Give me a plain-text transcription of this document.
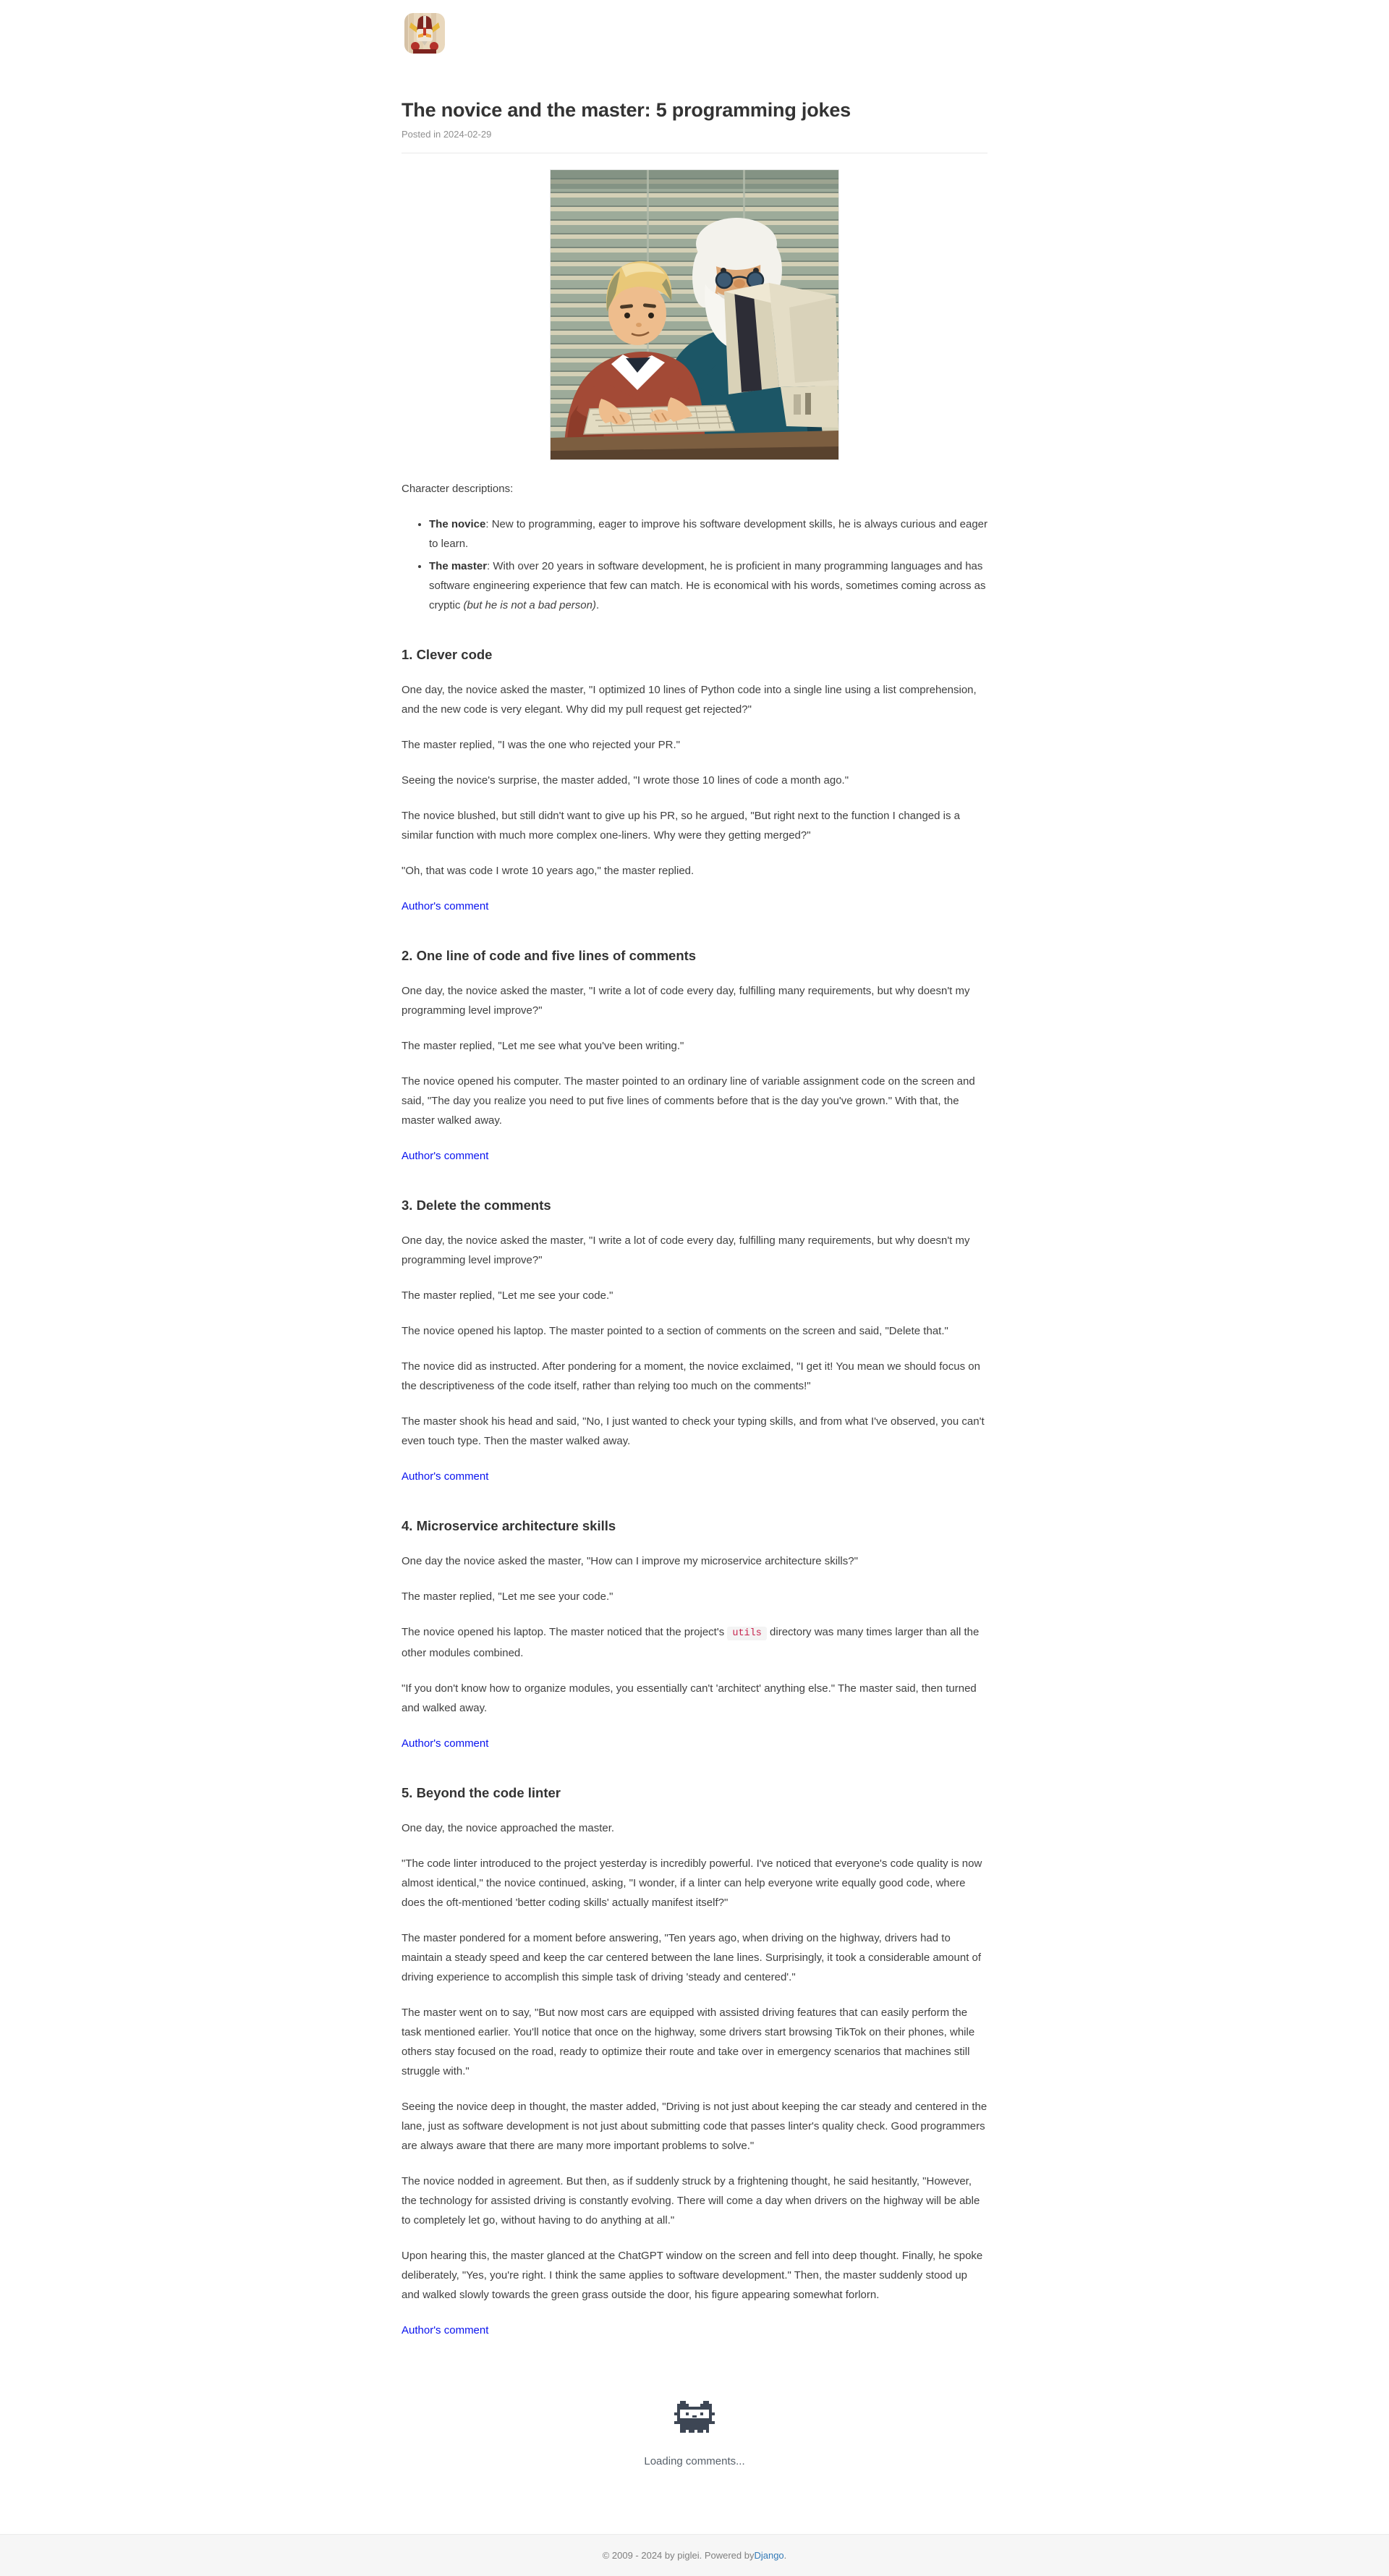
The novice and the master: 5 programming jokes

Posted in 2024-02-29

Character descriptions:

• The novice: New to programming, eager to improve his software development skills, he is always curious and eager to learn.
• The master: With over 20 years in software development, he is proficient in many programming languages and has software engineering experience that few can match. He is economical with his words, sometimes coming across as cryptic (but he is not a bad person).
1. Clever code

One day, the novice asked the master, "I optimized 10 lines of Python code into a single line using a list comprehension, and the new code is very elegant. Why did my pull request get rejected?"

The master replied, "I was the one who rejected your PR."

Seeing the novice's surprise, the master added, "I wrote those 10 lines of code a month ago."

The novice blushed, but still didn't want to give up his PR, so he argued, "But right next to the function I changed is a similar function with much more complex one-liners. Why were they getting merged?"

"Oh, that was code I wrote 10 years ago," the master replied.

Author's comment

2. One line of code and five lines of comments

One day, the novice asked the master, "I write a lot of code every day, fulfilling many requirements, but why doesn't my programming level improve?"

The master replied, "Let me see what you've been writing."

The novice opened his computer. The master pointed to an ordinary line of variable assignment code on the screen and said, "The day you realize you need to put five lines of comments before that is the day you've grown." With that, the master walked away.

Author's comment

3. Delete the comments

One day, the novice asked the master, "I write a lot of code every day, fulfilling many requirements, but why doesn't my programming level improve?"

The master replied, "Let me see your code."

The novice opened his laptop. The master pointed to a section of comments on the screen and said, "Delete that."

The novice did as instructed. After pondering for a moment, the novice exclaimed, "I get it! You mean we should focus on the descriptiveness of the code itself, rather than relying too much on the comments!"

The master shook his head and said, "No, I just wanted to check your typing skills, and from what I've observed, you can't even touch type. Then the master walked away.

Author's comment

4. Microservice architecture skills

One day the novice asked the master, "How can I improve my microservice architecture skills?"

The master replied, "Let me see your code."

The novice opened his laptop. The master noticed that the project's utils directory was many times larger than all the other modules combined.

"If you don't know how to organize modules, you essentially can't 'architect' anything else." The master said, then turned and walked away.

Author's comment

5. Beyond the code linter

One day, the novice approached the master.

"The code linter introduced to the project yesterday is incredibly powerful. I've noticed that everyone's code quality is now almost identical," the novice continued, asking, "I wonder, if a linter can help everyone write equally good code, where does the oft-mentioned 'better coding skills' actually manifest itself?"

The master pondered for a moment before answering, "Ten years ago, when driving on the highway, drivers had to maintain a steady speed and keep the car centered between the lane lines. Surprisingly, it took a considerable amount of driving experience to accomplish this simple task of driving 'steady and centered'."

The master went on to say, "But now most cars are equipped with assisted driving features that can easily perform the task mentioned earlier. You'll notice that once on the highway, some drivers start browsing TikTok on their phones, while others stay focused on the road, ready to optimize their route and take over in emergency scenarios that machines still struggle with."

Seeing the novice deep in thought, the master added, "Driving is not just about keeping the car steady and centered in the lane, just as software development is not just about submitting code that passes linter's quality check. Good programmers are always aware that there are many more important problems to solve."

The novice nodded in agreement. But then, as if suddenly struck by a frightening thought, he said hesitantly, "However, the technology for assisted driving is constantly evolving. There will come a day when drivers on the highway will be able to completely let go, without having to do anything at all."

Upon hearing this, the master glanced at the ChatGPT window on the screen and fell into deep thought. Finally, he spoke deliberately, "Yes, you're right. I think the same applies to software development." Then, the master suddenly stood up and walked slowly towards the green grass outside the door, his figure appearing somewhat forlorn.

Author's comment

Loading comments...
© 2009 - 2024 by piglei. Powered by Django .
